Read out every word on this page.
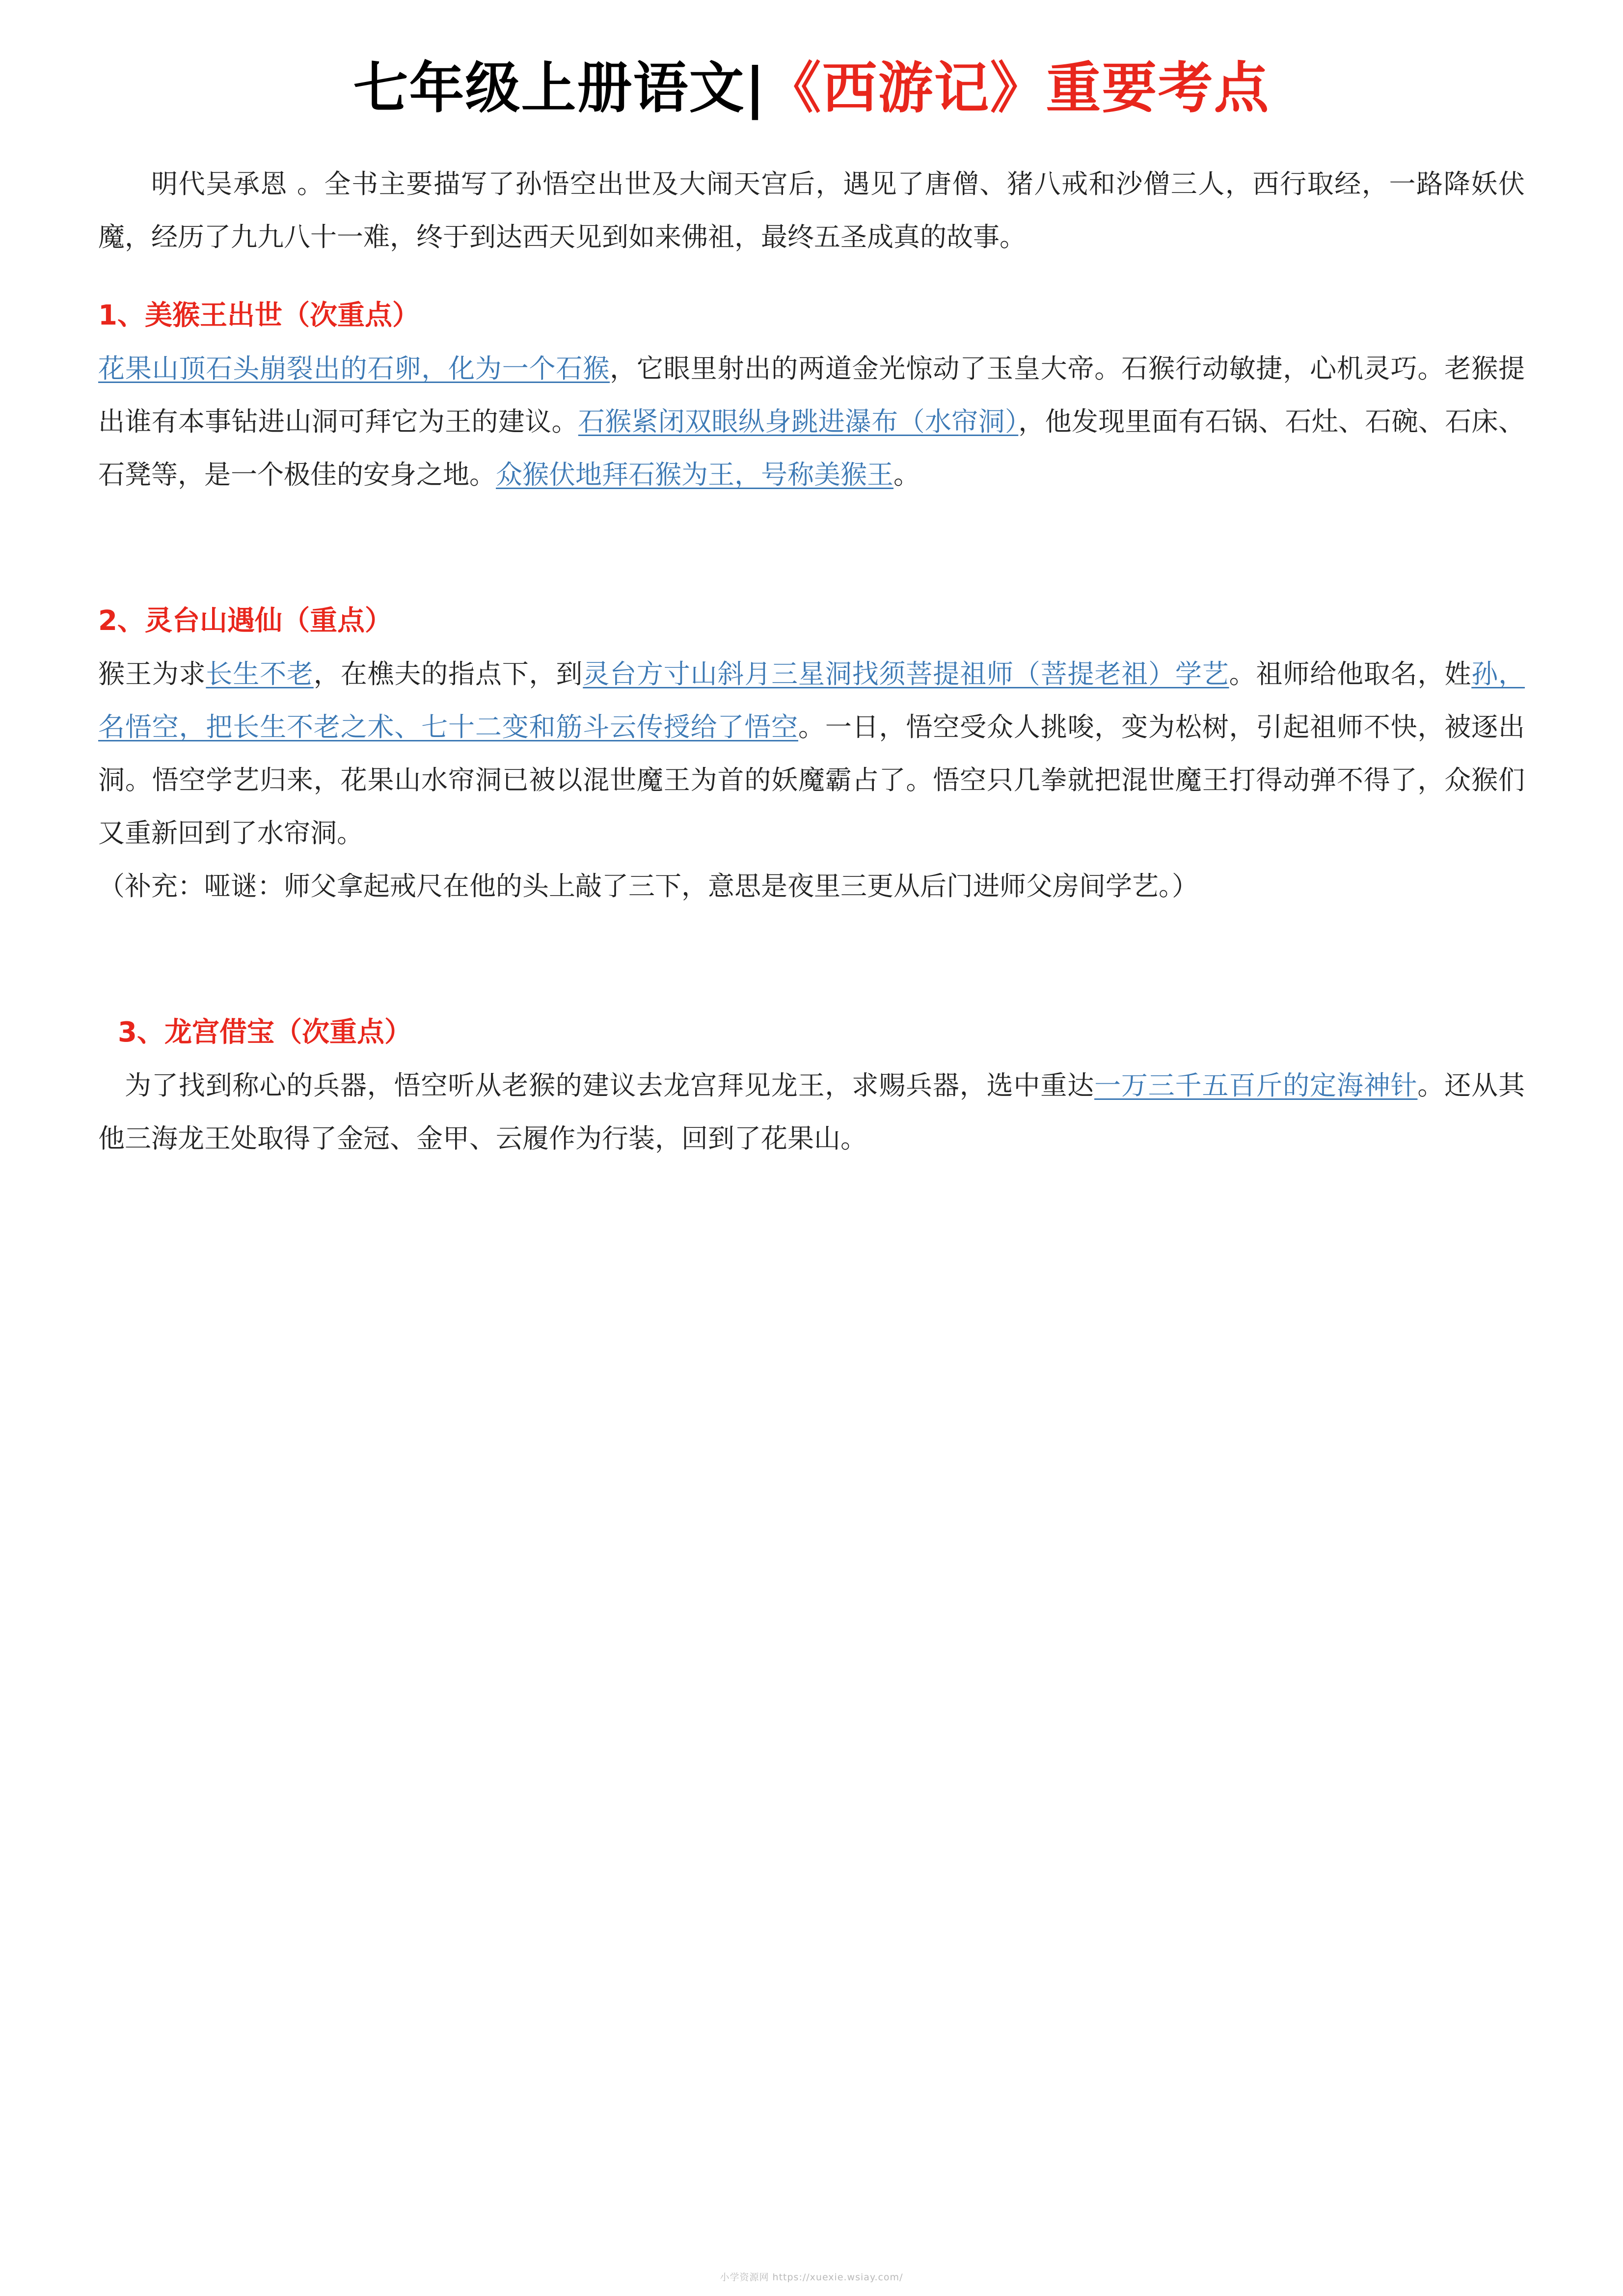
七年级上册语文|《西游记》重要考点

明代吴承恩 。全书主要描写了孙悟空出世及大闹天宫后，遇见了唐僧、猪八戒和沙僧三人，西行取经，一路降妖伏魔，经历了九九八十一难，终于到达西天见到如来佛祖，最终五圣成真的故事。

1、美猴王出世（次重点）

花果山顶石头崩裂出的石卵，化为一个石猴，它眼里射出的两道金光惊动了玉皇大帝。石猴行动敏捷，心机灵巧。老猴提出谁有本事钻进山洞可拜它为王的建议。石猴紧闭双眼纵身跳进瀑布（水帘洞），他发现里面有石锅、石灶、石碗、石床、石凳等，是一个极佳的安身之地。众猴伏地拜石猴为王，号称美猴王。

2、灵台山遇仙（重点）

猴王为求长生不老，在樵夫的指点下，到灵台方寸山斜月三星洞找须菩提祖师（菩提老祖）学艺。祖师给他取名，姓孙，名悟空，把长生不老之术、七十二变和筋斗云传授给了悟空。一日，悟空受众人挑唆，变为松树，引起祖师不快，被逐出洞。悟空学艺归来，花果山水帘洞已被以混世魔王为首的妖魔霸占了。悟空只几拳就把混世魔王打得动弹不得了，众猴们又重新回到了水帘洞。

（补充：哑谜：师父拿起戒尺在他的头上敲了三下，意思是夜里三更从后门进师父房间学艺。）

3、龙宫借宝（次重点）

为了找到称心的兵器，悟空听从老猴的建议去龙宫拜见龙王，求赐兵器，选中重达一万三千五百斤的定海神针。还从其他三海龙王处取得了金冠、金甲、云履作为行装，回到了花果山。

小学资源网 https://xuexie.wsiay.com/
